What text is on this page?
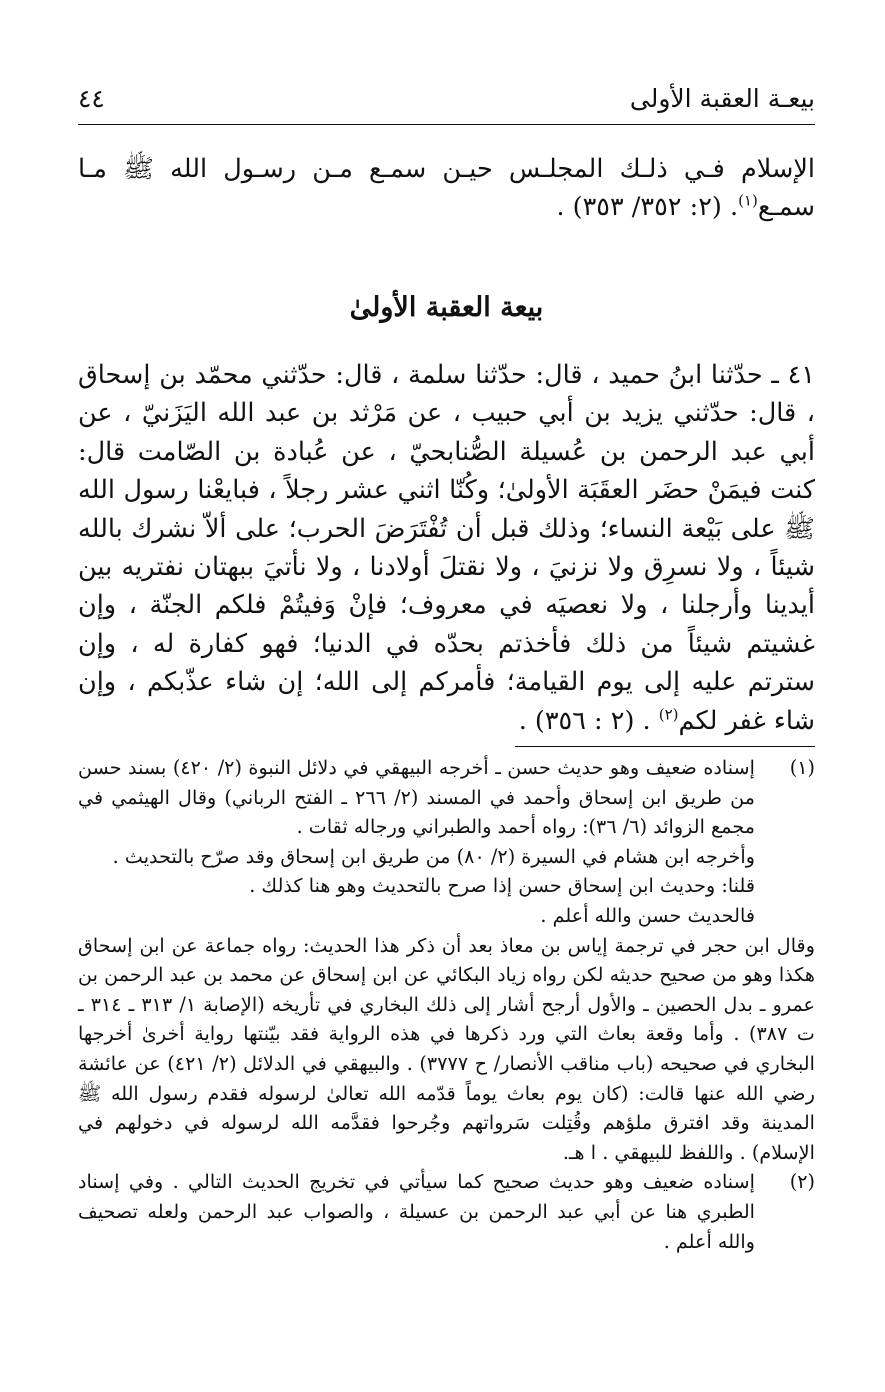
بيعـة العقبة الأولى
٤٤
الإسلام فـي ذلـك المجلـس حيـن سمـع مـن رسـول الله ﷺ مـا سمـع$^{(١)}$. (٢: ٣٥٢/ ٣٥٣) .
بيعة العقبة الأولىٰ
٤١ ـ حدّثنا ابنُ حميد ، قال: حدّثنا سلمة ، قال: حدّثني محمّد بن إسحاق ، قال: حدّثني يزيد بن أبي حبيب ، عن مَرْثد بن عبد الله اليَزَنيّ ، عن أبي عبد الرحمن بن عُسيلة الصُّنابحيّ ، عن عُبادة بن الصّامت قال: كنت فيمَنْ حضَر العقَبَة الأولىٰ؛ وكُنّا اثني عشر رجلاً ، فبايعْنا رسول الله ﷺ على بَيْعة النساء؛ وذلك قبل أن تُفْتَرَضَ الحرب؛ على ألاّ نشرك بالله شيئاً ، ولا نسرِق ولا نزنيَ ، ولا نقتلَ أولادنا ، ولا نأتيَ ببهتان نفتريه بين أيدينا وأرجلنا ، ولا نعصيَه في معروف؛ فإنْ وَفيتُمْ فلكم الجنّة ، وإن غشيتم شيئاً من ذلك فأخذتم بحدّه في الدنيا؛ فهو كفارة له ، وإن سترتم عليه إلى يوم القيامة؛ فأمركم إلى الله؛ إن شاء عذّبكم ، وإن شاء غفر لكم$^{(٢)}$ . (٢ : ٣٥٦) .
(١)

إسناده ضعيف وهو حديث حسن ـ أخرجه البيهقي في دلائل النبوة (٢/ ٤٢٠) بسند حسن من طريق ابن إسحاق وأحمد في المسند (٢/ ٢٦٦ ـ الفتح الرباني) وقال الهيثمي في مجمع الزوائد (٦/ ٣٦): رواه أحمد والطبراني ورجاله ثقات .

وأخرجه ابن هشام في السيرة (٢/ ٨٠) من طريق ابن إسحاق وقد صرّح بالتحديث .

قلنا: وحديث ابن إسحاق حسن إذا صرح بالتحديث وهو هنا كذلك .

فالحديث حسن والله أعلم .

وقال ابن حجر في ترجمة إياس بن معاذ بعد أن ذكر هذا الحديث: رواه جماعة عن ابن إسحاق هكذا وهو من صحيح حديثه لكن رواه زياد البكائي عن ابن إسحاق عن محمد بن عبد الرحمن بن عمرو ـ بدل الحصين ـ والأول أرجح أشار إلى ذلك البخاري في تأريخه (الإصابة ١/ ٣١٣ ـ ٣١٤ ـ ت ٣٨٧) . وأما وقعة بعاث التي ورد ذكرها في هذه الرواية فقد بيّنتها رواية أخرىٰ أخرجها البخاري في صحيحه (باب مناقب الأنصار/ ح ٣٧٧٧) . والبيهقي في الدلائل (٢/ ٤٢١) عن عائشة رضي الله عنها قالت: (كان يوم بعاث يوماً قدّمه الله تعالىٰ لرسوله فقدم رسول الله ﷺ المدينة وقد افترق ملؤهم وقُتِلت سَرواتهم وجُرحوا فقدَّمه الله لرسوله في دخولهم في الإسلام) . واللفظ للبيهقي . ا هـ.

(٢)

إسناده ضعيف وهو حديث صحيح كما سيأتي في تخريج الحديث التالي . وفي إسناد الطبري هنا عن أبي عبد الرحمن بن عسيلة ، والصواب عبد الرحمن ولعله تصحيف والله أعلم .
